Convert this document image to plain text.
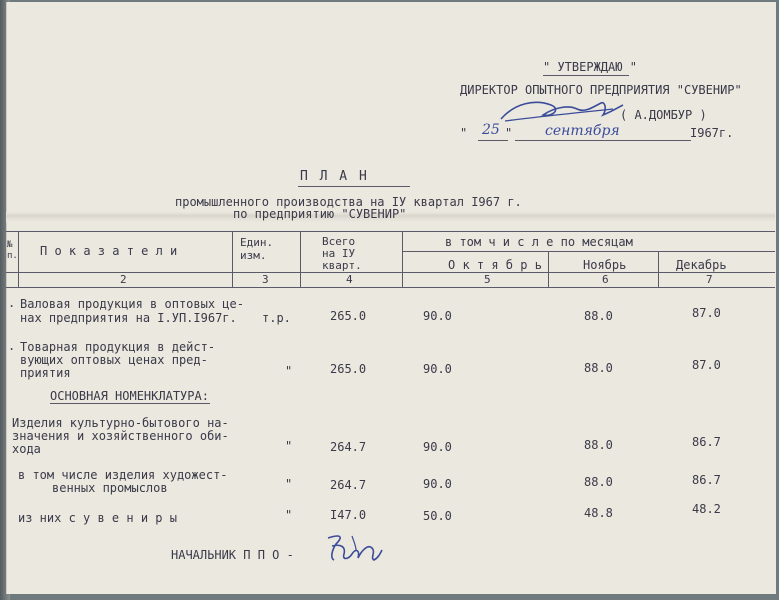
" УТВЕРЖДАЮ "
ДИРЕКТОР ОПЫТНОГО ПРЕДПРИЯТИЯ "СУВЕНИР"
( А.ДОМБУР )
" 25 " сентября	I967г.
П Л А Н
промышленного производства на IУ квартал I967 г.
по предприятию "СУВЕНИР"
№ п. П о к а з а т е л и
Един.
изм.
Всего
на IУ
кварт.
в том ч и с л е по месяцам
О к т я б р ь	Ноябрь	Декабрь
2	3	4	5	6	7
. Валовая продукция в оптовых це-
нах предприятия на I.УП.I967г. т.р.	265.0	90.0	88.0	87.0
. Товарная продукция в дейст-
вующих оптовых ценах пред-
приятия	"	265.0	90.0	88.0	87.0
ОСНОВНАЯ НОМЕНКЛАТУРА:
Изделия культурно-бытового на-
значения и хозяйственного оби-
хода	"	264.7	90.0	88.0	86.7
в том числе изделия художест-
венных промыслов	"	264.7	90.0	88.0	86.7
из них с у в е н и р ы	"	I47.0	50.0	48.8	48.2
НАЧАЛЬНИК П П О -
